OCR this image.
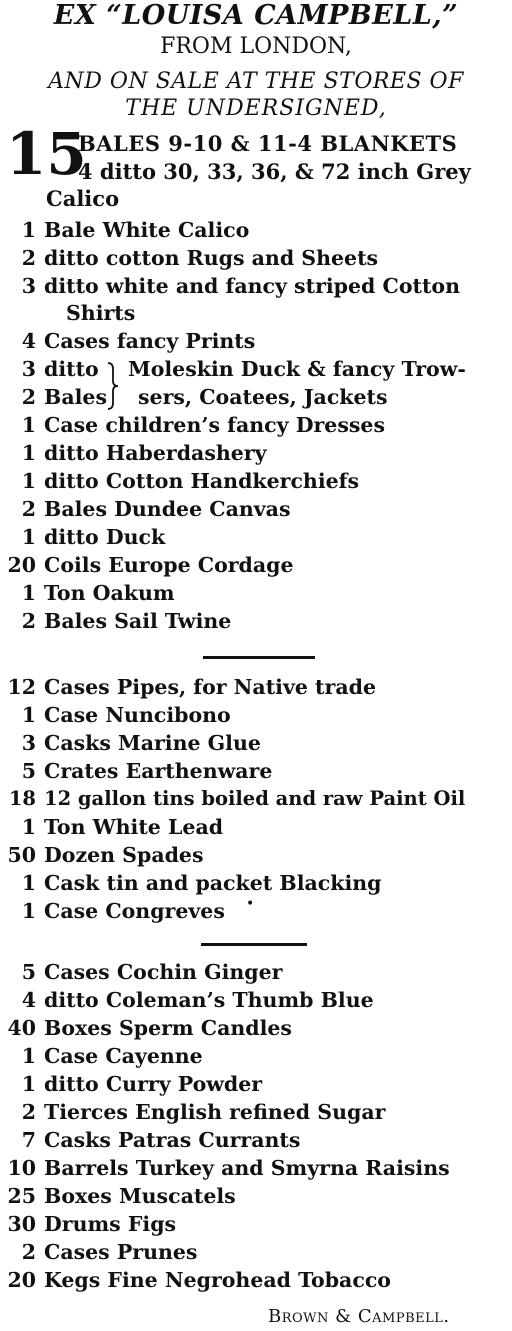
EX “LOUISA CAMPBELL,”
FROM LONDON,
AND ON SALE AT THE STORES OF
THE UNDERSIGNED,
15
BALES 9-10 & 11-4 BLANKETS
4 ditto 30, 33, 36, & 72 inch Grey
Calico
1 Bale White Calico
2 ditto cotton Rugs and Sheets
3 ditto white and fancy striped Cotton
Shirts
4 Cases fancy Prints
3 ditto
2 Bales
Moleskin Duck & fancy Trow-
sers, Coatees, Jackets
1 Case children’s fancy Dresses
1 ditto Haberdashery
1 ditto Cotton Handkerchiefs
2 Bales Dundee Canvas
1 ditto Duck
20 Coils Europe Cordage
1 Ton Oakum
2 Bales Sail Twine
12 Cases Pipes, for Native trade
1 Case Nuncibono
3 Casks Marine Glue
5 Crates Earthenware
18 12 gallon tins boiled and raw Paint Oil
1 Ton White Lead
50 Dozen Spades
1 Cask tin and packet Blacking
1 Case Congreves •
5 Cases Cochin Ginger
4 ditto Coleman’s Thumb Blue
40 Boxes Sperm Candles
1 Case Cayenne
1 ditto Curry Powder
2 Tierces English refined Sugar
7 Casks Patras Currants
10 Barrels Turkey and Smyrna Raisins
25 Boxes Muscatels
30 Drums Figs
2 Cases Prunes
20 Kegs Fine Negrohead Tobacco
Brown & Campbell.
